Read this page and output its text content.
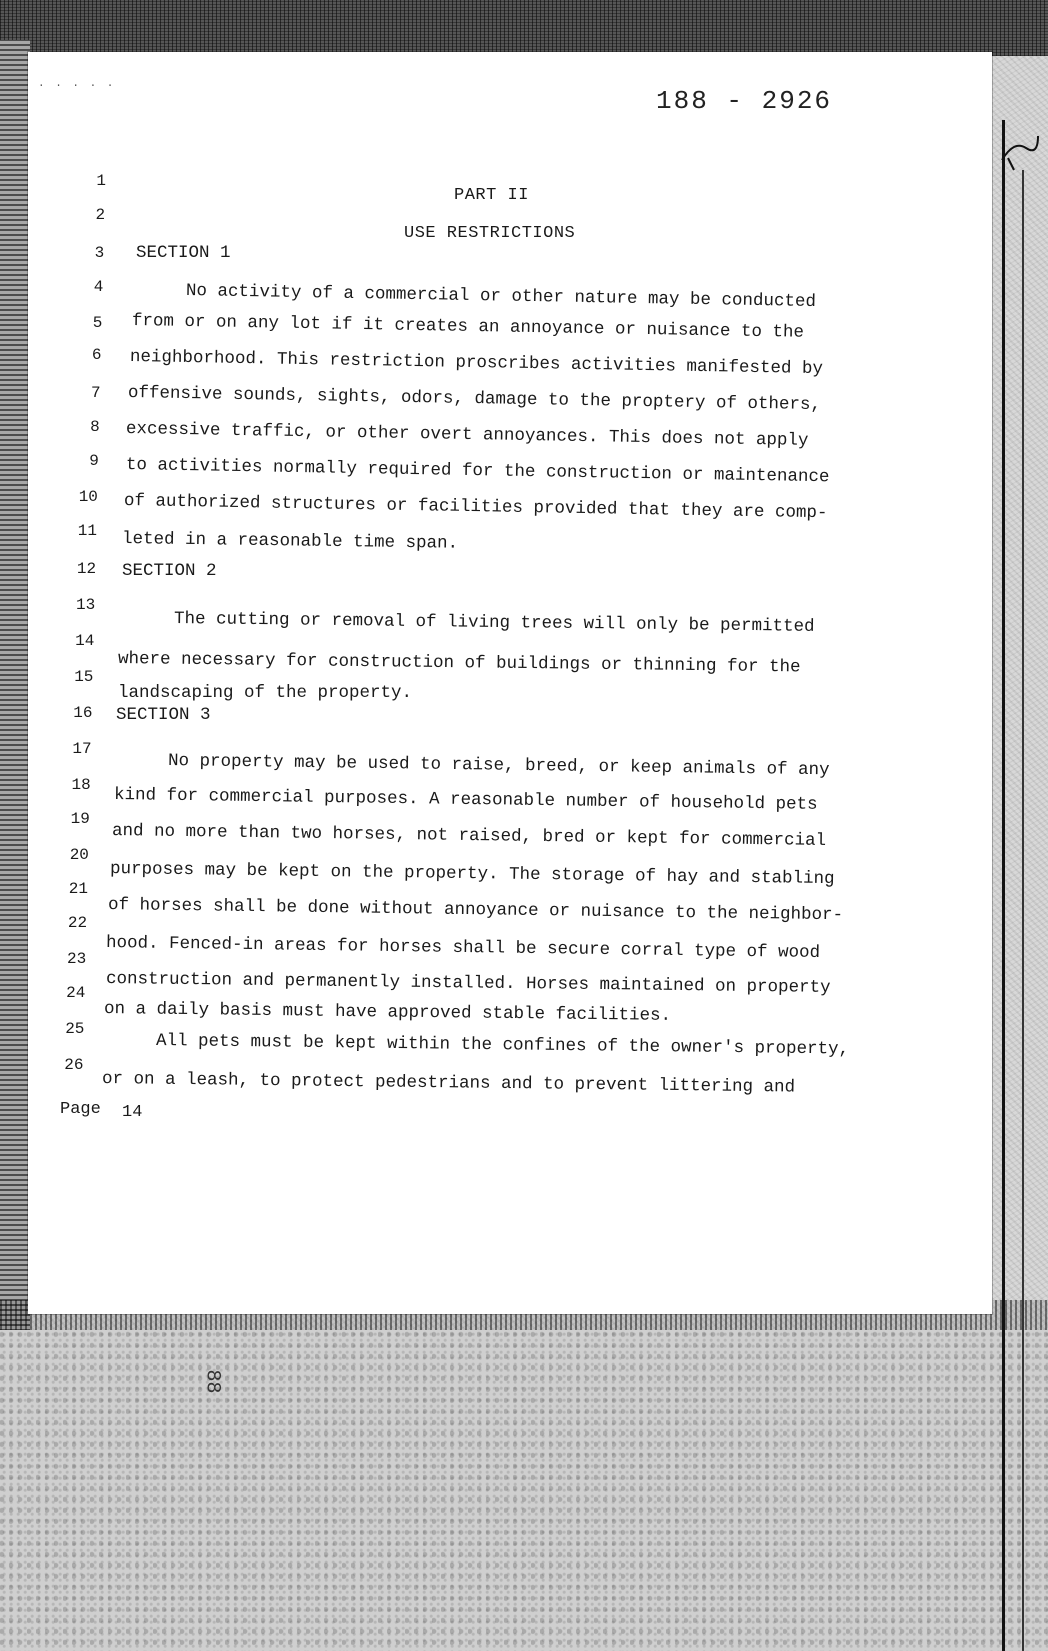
88
. . . . .
188 - 2926
PART II
USE RESTRICTIONS
1
2
3 SECTION 1
4	No activity of a commercial or other nature may be conducted
5 from or on any lot if it creates an annoyance or nuisance to the
6 neighborhood. This restriction proscribes activities manifested by
7 offensive sounds, sights, odors, damage to the proptery of others,
8 excessive traffic, or other overt annoyances. This does not apply
9 to activities normally required for the construction or maintenance
10 of authorized structures or facilities provided that they are comp-
11 leted in a reasonable time span.
12 SECTION 2
13
The cutting or removal of living trees will only be permitted
14
where necessary for construction of buildings or thinning for the
15
landscaping of the property.
16 SECTION 3
17
No property may be used to raise, breed, or keep animals of any
18
kind for commercial purposes. A reasonable number of household pets
19
and no more than two horses, not raised, bred or kept for commercial
20
purposes may be kept on the property. The storage of hay and stabling
21
of horses shall be done without annoyance or nuisance to the neighbor-
22
hood. Fenced-in areas for horses shall be secure corral type of wood
23
construction and permanently installed. Horses maintained on property
24
on a daily basis must have approved stable facilities.
25
All pets must be kept within the confines of the owner's property,
26
or on a leash, to protect pedestrians and to prevent littering and
Page 14
